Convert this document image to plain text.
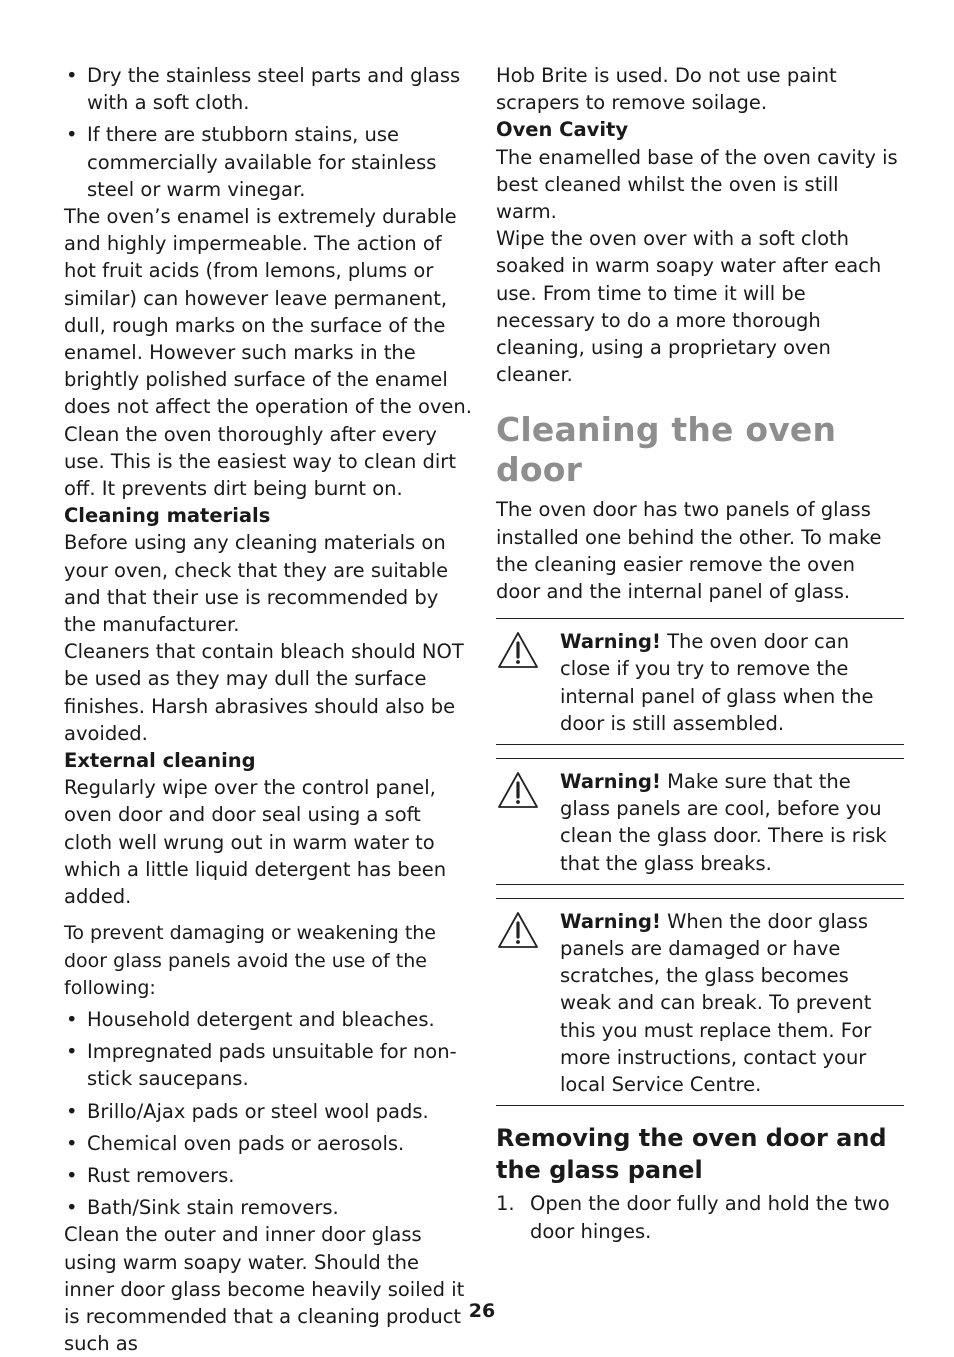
• Dry the stainless steel parts and glass with a soft cloth.
• If there are stubborn stains, use commercially available for stainless steel or warm vinegar.

The oven’s enamel is extremely durable and highly impermeable. The action of hot fruit acids (from lemons, plums or similar) can however leave permanent, dull, rough marks on the surface of the enamel. However such marks in the brightly polished surface of the enamel does not affect the operation of the oven. Clean the oven thoroughly after every use. This is the easiest way to clean dirt off. It prevents dirt being burnt on.

Cleaning materials

Before using any cleaning materials on your oven, check that they are suitable and that their use is recommended by the manufacturer.

Cleaners that contain bleach should NOT be used as they may dull the surface finishes. Harsh abrasives should also be avoided.

External cleaning

Regularly wipe over the control panel, oven door and door seal using a soft cloth well wrung out in warm water to which a little liquid detergent has been added.

To prevent damaging or weakening the door glass panels avoid the use of the following:

• Household detergent and bleaches.
• Impregnated pads unsuitable for non-stick saucepans.
• Brillo/Ajax pads or steel wool pads.
• Chemical oven pads or aerosols.
• Rust removers.
• Bath/Sink stain removers.

Clean the outer and inner door glass using warm soapy water. Should the inner door glass become heavily soiled it is recommended that a cleaning product such as

Hob Brite is used. Do not use paint scrapers to remove soilage.

Oven Cavity

The enamelled base of the oven cavity is best cleaned whilst the oven is still warm.

Wipe the oven over with a soft cloth soaked in warm soapy water after each use. From time to time it will be necessary to do a more thorough cleaning, using a proprietary oven cleaner.

Cleaning the oven door

The oven door has two panels of glass installed one behind the other. To make the cleaning easier remove the oven door and the internal panel of glass.

Warning! The oven door can close if you try to remove the internal panel of glass when the door is still assembled.
Warning! Make sure that the glass panels are cool, before you clean the glass door. There is risk that the glass breaks.
Warning! When the door glass panels are damaged or have scratches, the glass becomes weak and can break. To prevent this you must replace them. For more instructions, contact your local Service Centre.
Removing the oven door and the glass panel
1. Open the door fully and hold the two door hinges.
26
